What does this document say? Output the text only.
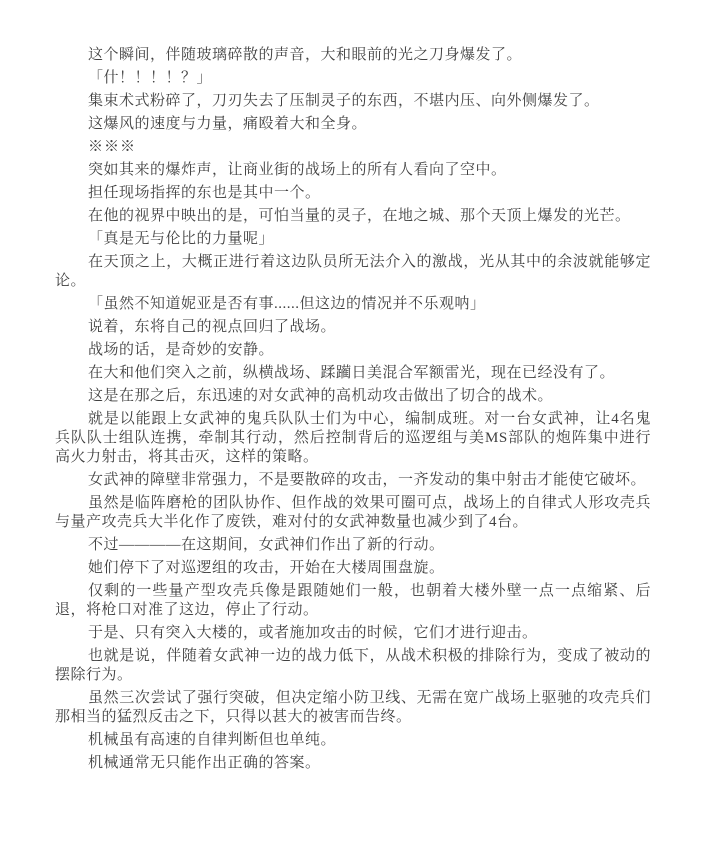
这个瞬间，伴随玻璃碎散的声音，大和眼前的光之刀身爆发了。

「什！！！！？」

集束术式粉碎了，刀刃失去了压制灵子的东西，不堪内压、向外侧爆发了。

这爆风的速度与力量，痛殴着大和全身。

※※※

突如其来的爆炸声，让商业街的战场上的所有人看向了空中。

担任现场指挥的东也是其中一个。

在他的视界中映出的是，可怕当量的灵子，在地之城、那个天顶上爆发的光芒。

「真是无与伦比的力量呢」

在天顶之上，大概正进行着这边队员所无法介入的激战，光从其中的余波就能够定论。

「虽然不知道妮亚是否有事......但这边的情况并不乐观呐」

说着，东将自己的视点回归了战场。

战场的话，是奇妙的安静。

在大和他们突入之前，纵横战场、蹂躏日美混合军额雷光，现在已经没有了。

这是在那之后，东迅速的对女武神的高机动攻击做出了切合的战术。

就是以能跟上女武神的鬼兵队队士们为中心，编制成班。对一台女武神，让4名鬼兵队队士组队连携，牵制其行动，然后控制背后的巡逻组与美MS部队的炮阵集中进行高火力射击，将其击灭，这样的策略。

女武神的障壁非常强力，不是要散碎的攻击，一齐发动的集中射击才能使它破坏。

虽然是临阵磨枪的团队协作、但作战的效果可圈可点，战场上的自律式人形攻壳兵与量产攻壳兵大半化作了废铁，难对付的女武神数量也减少到了4台。

不过————在这期间，女武神们作出了新的行动。

她们停下了对巡逻组的攻击，开始在大楼周围盘旋。

仅剩的一些量产型攻壳兵像是跟随她们一般，也朝着大楼外壁一点一点缩紧、后退，将枪口对准了这边，停止了行动。

于是、只有突入大楼的，或者施加攻击的时候，它们才进行迎击。

也就是说，伴随着女武神一边的战力低下，从战术积极的排除行为，变成了被动的摆除行为。

虽然三次尝试了强行突破，但决定缩小防卫线、无需在宽广战场上驱驰的攻壳兵们那相当的猛烈反击之下，只得以甚大的被害而告终。

机械虽有高速的自律判断但也单纯。

机械通常无只能作出正确的答案。
